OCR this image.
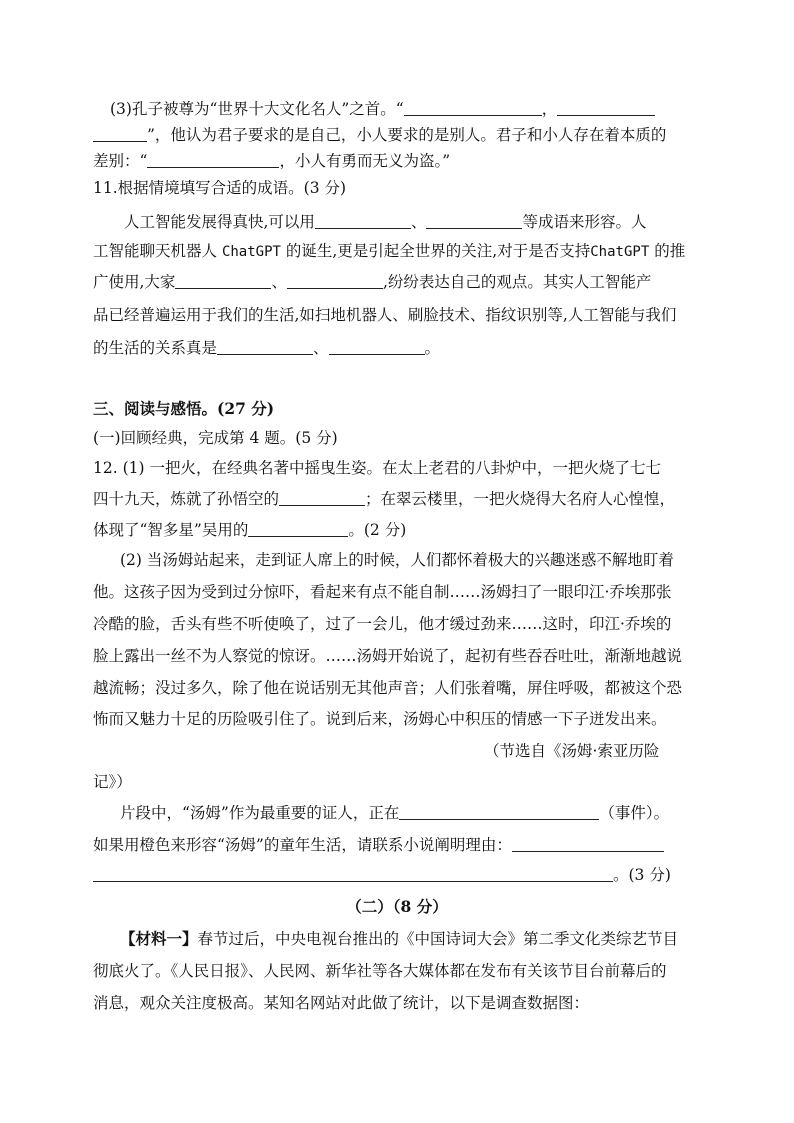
(3)孔子被尊为“世界十大文化名人”之首。“	，
”，他认为君子要求的是自己，小人要求的是别人。君子和小人存在着本质的
差别：“	，小人有勇而无义为盗。”
11.根据情境填写合适的成语。(3 分)
人工智能发展得真快,可以用	、	等成语来形容。人
工智能聊天机器人 ChatGPT 的诞生,更是引起全世界的关注,对于是否支持ChatGPT 的推
广使用,大家	、	,纷纷表达自己的观点。其实人工智能产
品已经普遍运用于我们的生活,如扫地机器人、刷脸技术、指纹识别等,人工智能与我们
的生活的关系真是	、	。
三、阅读与感悟。(27 分)
(一)回顾经典，完成第 4 题。(5 分)
12. (1) 一把火，在经典名著中摇曳生姿。在太上老君的八卦炉中，一把火烧了七七
四十九天，炼就了孙悟空的	；在翠云楼里，一把火烧得大名府人心惶惶，
体现了“智多星”吴用的	。(2 分)
(2) 当汤姆站起来，走到证人席上的时候，人们都怀着极大的兴趣迷惑不解地盯着
他。这孩子因为受到过分惊吓，看起来有点不能自制……汤姆扫了一眼印江·乔埃那张
冷酷的脸，舌头有些不听使唤了，过了一会儿，他才缓过劲来……这时，印江·乔埃的
脸上露出一丝不为人察觉的惊讶。……汤姆开始说了，起初有些吞吞吐吐，渐渐地越说
越流畅；没过多久，除了他在说话别无其他声音；人们张着嘴，屏住呼吸，都被这个恐
怖而又魅力十足的历险吸引住了。说到后来，汤姆心中积压的情感一下子迸发出来。
（节选自《汤姆·索亚历险
记》）
片段中，“汤姆”作为最重要的证人，正在	（事件）。
如果用橙色来形容“汤姆”的童年生活，请联系小说阐明理由：
。(3 分)
（二）（8 分）
【材料一】春节过后，中央电视台推出的《中国诗词大会》第二季文化类综艺节目
彻底火了。《人民日报》、人民网、新华社等各大媒体都在发布有关该节目台前幕后的
消息，观众关注度极高。某知名网站对此做了统计，以下是调查数据图：
